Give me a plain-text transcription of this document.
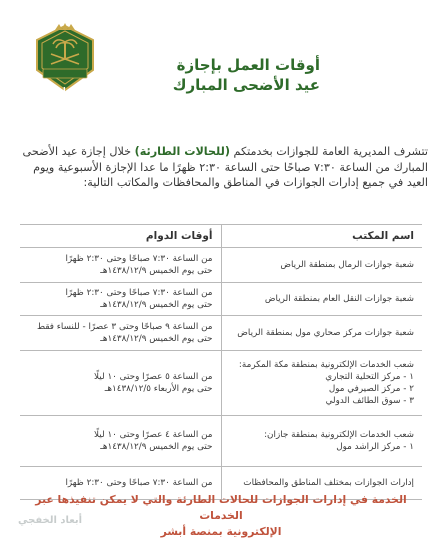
الجوازات
أوقات العمل بإجازة
عيد الأضحى المبارك
تتشرف المديرية العامة للجوازات بخدمتكم (للحالات الطارئة) خلال إجازة عيد الأضحى المبارك من الساعة ٧:٣٠ صباحًا حتى الساعة ٢:٣٠ ظهرًا ما عدا الإجازة الأسبوعية ويوم العيد في جميع إدارات الجوازات في المناطق والمحافظات والمكاتب التالية:
اسم المكتب	أوقات الدوام

شعبة جوازات الرمال بمنطقة الرياض	من الساعة ٧:٣٠ صباحًا وحتى ٢:٣٠ ظهرًا
حتى يوم الخميس ١٤٣٨/١٢/٩هـ

شعبة جوازات النقل العام بمنطقة الرياض	من الساعة ٧:٣٠ صباحًا وحتى ٢:٣٠ ظهرًا
حتى يوم الخميس ١٤٣٨/١٢/٩هـ

شعبة جوازات مركز صحاري مول بمنطقة الرياض	من الساعة ٩ صباحًا وحتى ٣ عصرًا - للنساء فقط
حتى يوم الخميس ١٤٣٨/١٢/٩هـ

شعب الخدمات الإلكترونية بمنطقة مكة المكرمة:
١ - مركز التحلية التجاري
٢ - مركز الصيرفي مول
٣ - سوق الطائف الدولي	من الساعة ٥ عصرًا وحتى ١٠ ليلًا
حتى يوم الأربعاء ١٤٣٨/١٢/٥هـ

شعب الخدمات الإلكترونية بمنطقة جازان:
١ - مركز الراشد مول	من الساعة ٤ عصرًا وحتى ١٠ ليلًا
حتى يوم الخميس ١٤٣٨/١٢/٩هـ

إدارات الجوازات بمختلف المناطق والمحافظات	من الساعة ٧:٣٠ صباحًا وحتى ٢:٣٠ ظهرًا
الخدمة في إدارات الجوازات للحالات الطارئة والتي لا يمكن تنفيذها عبر الخدمات
الإلكترونية بمنصة أبشر
أبعاد الخفجي
